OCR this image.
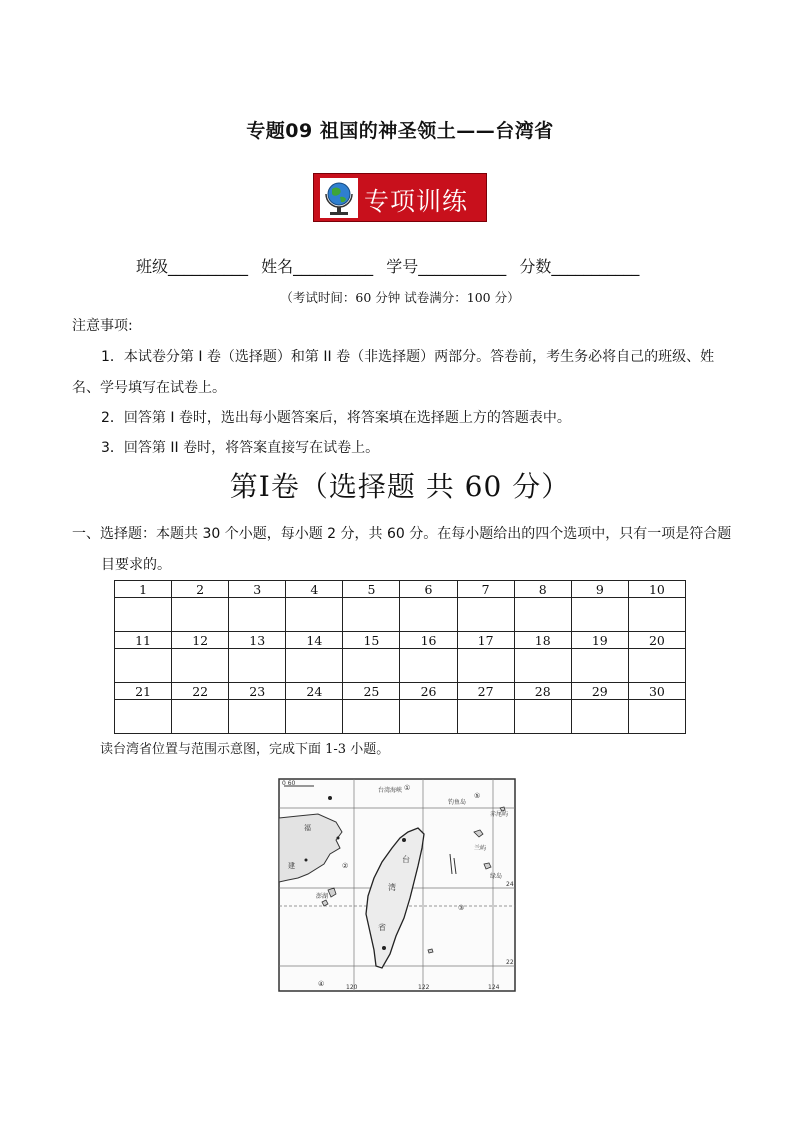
专题09 祖国的神圣领土——台湾省
专项训练
班级__________ 姓名__________ 学号___________ 分数___________
（考试时间：60 分钟 试卷满分：100 分）
注意事项:
1．本试卷分第 I 卷（选择题）和第 II 卷（非选择题）两部分。答卷前，考生务必将自己的班级、姓
名、学号填写在试卷上。
2．回答第 I 卷时，选出每小题答案后，将答案填在选择题上方的答题表中。
3．回答第 II 卷时，将答案直接写在试卷上。
第I卷（选择题 共 60 分）
一、选择题：本题共 30 个小题，每小题 2 分，共 60 分。在每小题给出的四个选项中，只有一项是符合题
目要求的。
1	2	3	4	5	6	7	8	9	10

11	12	13	14	15	16	17	18	19	20

21	22	23	24	25	26	27	28	29	30

读台湾省位置与范围示意图，完成下面 1-3 小题。
0 60
台湾海峡
台
湾
省
钓鱼岛
赤尾屿
兰屿
绿岛
澎湖
福
建
24
22
120	122	124
①
②
③
④
⑤
